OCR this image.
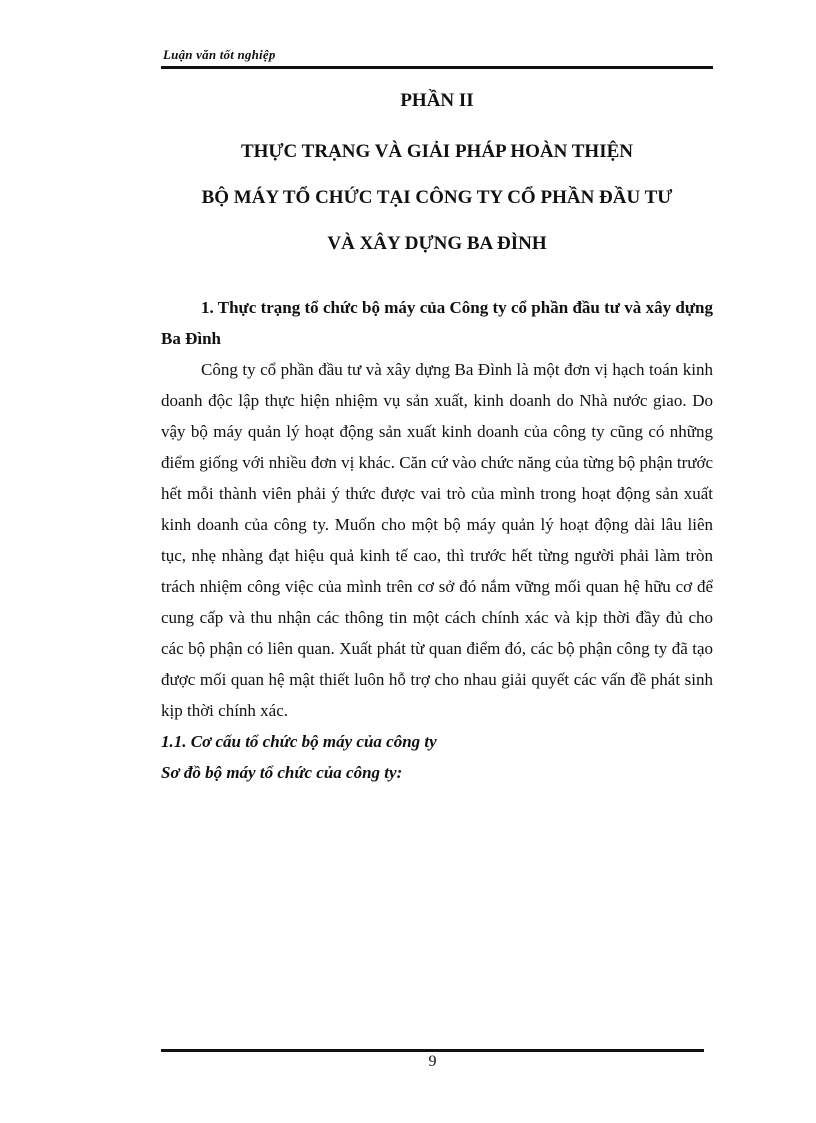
Luận văn tốt nghiệp
PHẦN II
THỰC TRẠNG VÀ GIẢI PHÁP HOÀN THIỆN
BỘ MÁY TỔ CHỨC TẠI CÔNG TY CỔ PHẦN ĐẦU TƯ
VÀ XÂY DỰNG BA ĐÌNH

1. Thực trạng tổ chức bộ máy của Công ty cổ phần đầu tư và xây dựng Ba Đình

Công ty cổ phần đầu tư và xây dựng Ba Đình là một đơn vị hạch toán kinh doanh độc lập thực hiện nhiệm vụ sản xuất, kinh doanh do Nhà nước giao. Do vậy bộ máy quản lý hoạt động sản xuất kinh doanh của công ty cũng có những điểm giống với nhiều đơn vị khác. Căn cứ vào chức năng của từng bộ phận trước hết mỗi thành viên phải ý thức được vai trò của mình trong hoạt động sản xuất kinh doanh của công ty. Muốn cho một bộ máy quản lý hoạt động dài lâu liên tục, nhẹ nhàng đạt hiệu quả kinh tế cao, thì trước hết từng người phải làm tròn trách nhiệm công việc của mình trên cơ sở đó nắm vững mối quan hệ hữu cơ để cung cấp và thu nhận các thông tin một cách chính xác và kịp thời đầy đủ cho các bộ phận có liên quan. Xuất phát từ quan điểm đó, các bộ phận công ty đã tạo được mối quan hệ mật thiết luôn hỗ trợ cho nhau giải quyết các vấn đề phát sinh kịp thời chính xác.

1.1. Cơ cấu tổ chức bộ máy của công ty

Sơ đồ bộ máy tổ chức của công ty:

9
